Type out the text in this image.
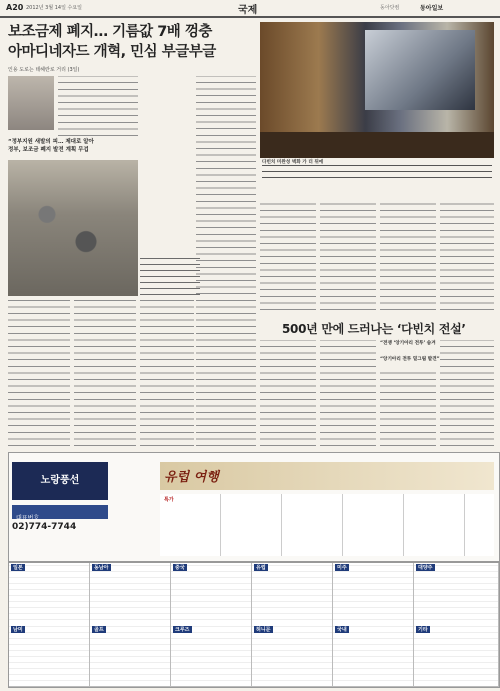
A20 2012년 3월 14일 수요일	국제	동아닷컴	동아일보
보조금제 폐지… 기름값 7배 껑충
아마디네자드 개혁, 민심 부글부글
인용 도로는 테헤란로 거리 (3일)
“정부지원 새발의 피… 제대로 알아
정부, 보조금 폐지 발전 계획 무겁
다빈치 미완성 벽화 가 더 뒤에
500년 만에 드러나는 ‘다빈치 전설’
“전쟁 ‘앙기아리 전투’ 숨겨
“앙기아리 전투 밑그림 발견”
노랑풍선
대표번호
02)774-7744
유럽 여행
특가
일본	동남아	중국	유럽	미주	대양주
남미	골프	크루즈	허니문	국내	기타
